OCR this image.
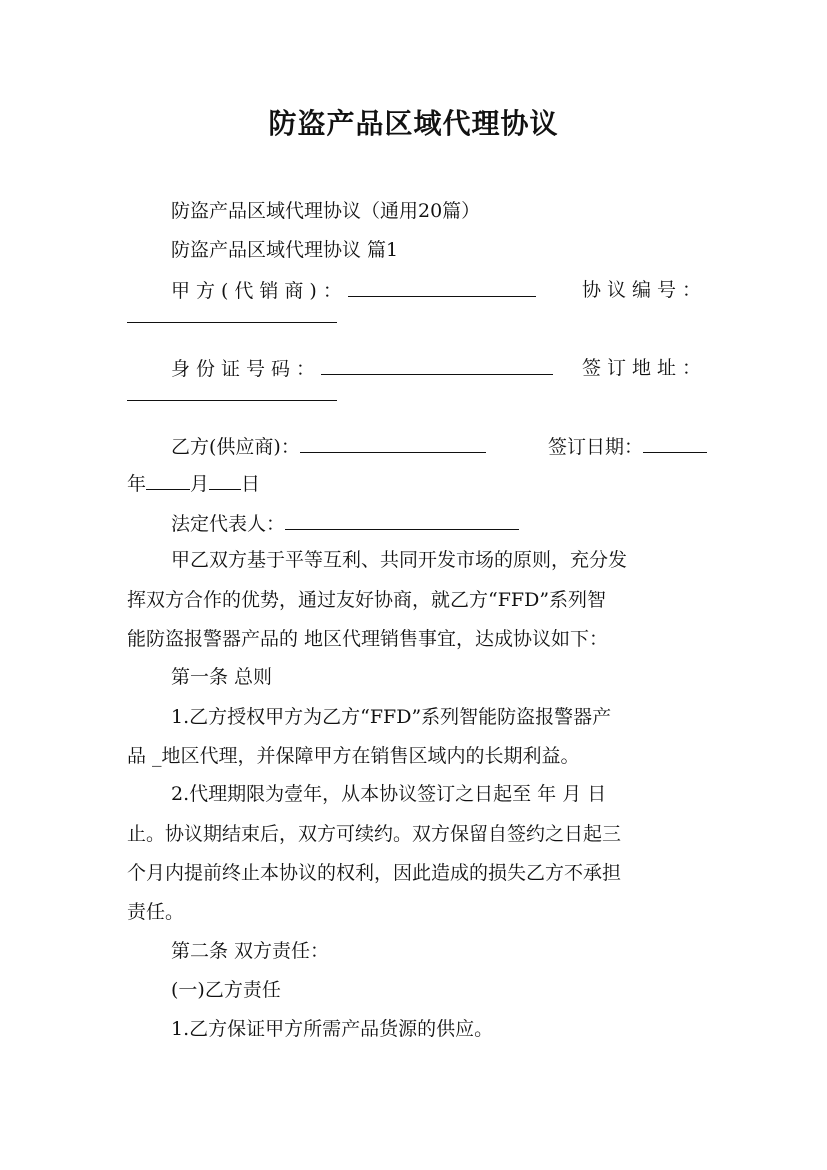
防盗产品区域代理协议
防盗产品区域代理协议（通用20篇）
防盗产品区域代理协议 篇1
甲方(代销商)：	协议编号：
身份证号码：	签订地址：
乙方(供应商)：	签订日期：
年 月 日
法定代表人：
甲乙双方基于平等互利、共同开发市场的原则，充分发
挥双方合作的优势，通过友好协商，就乙方“FFD”系列智
能防盗报警器产品的 地区代理销售事宜，达成协议如下：
第一条 总则
1.乙方授权甲方为乙方“FFD”系列智能防盗报警器产
品 _地区代理，并保障甲方在销售区域内的长期利益。
2.代理期限为壹年，从本协议签订之日起至 年 月 日
止。协议期结束后，双方可续约。双方保留自签约之日起三
个月内提前终止本协议的权利，因此造成的损失乙方不承担
责任。
第二条 双方责任：
(一)乙方责任
1.乙方保证甲方所需产品货源的供应。
